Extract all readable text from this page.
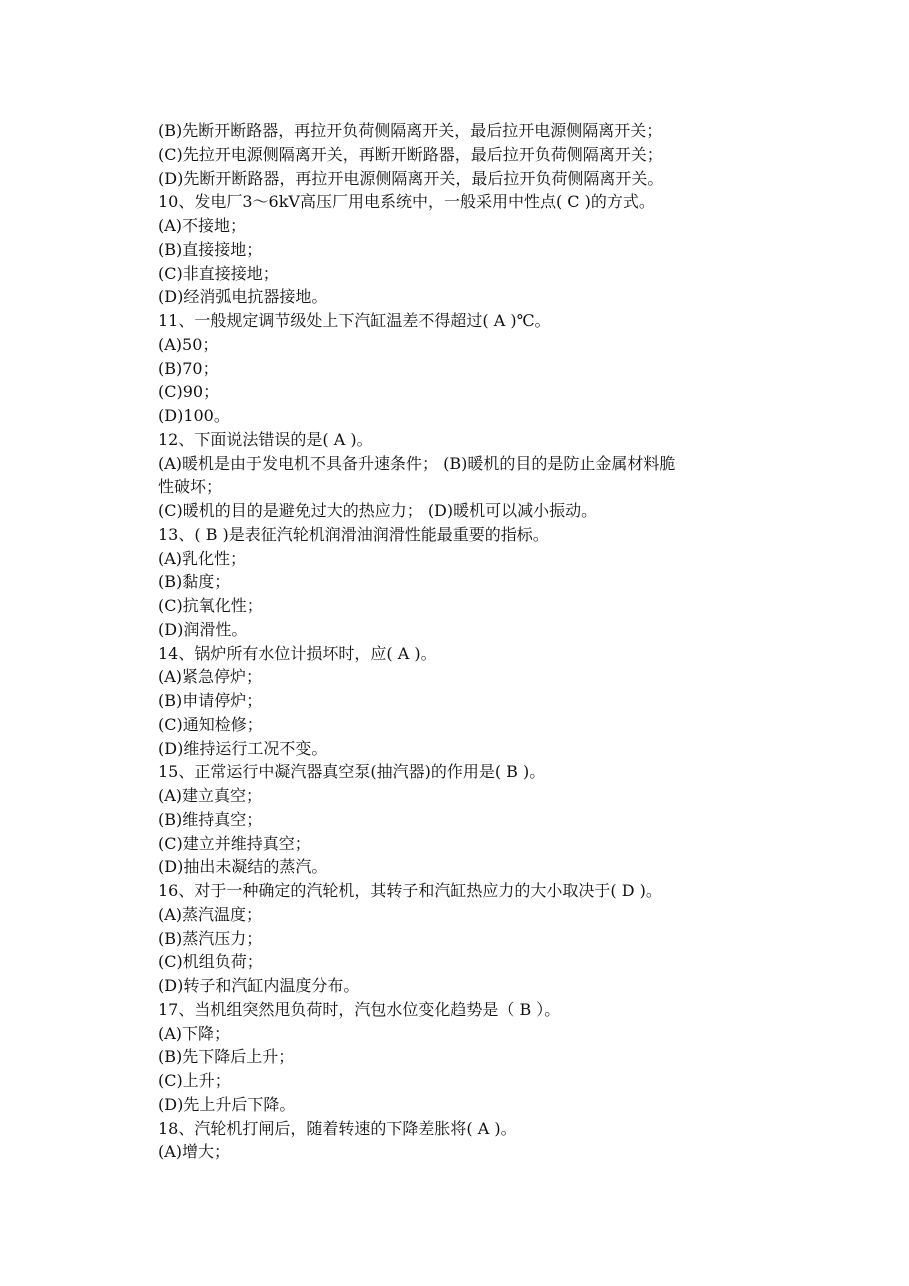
(B)先断开断路器，再拉开负荷侧隔离开关，最后拉开电源侧隔离开关；
(C)先拉开电源侧隔离开关，再断开断路器，最后拉开负荷侧隔离开关；
(D)先断开断路器，再拉开电源侧隔离开关，最后拉开负荷侧隔离开关。
10、发电厂3～6kV高压厂用电系统中，一般采用中性点( C )的方式。
(A)不接地；
(B)直接接地；
(C)非直接接地；
(D)经消弧电抗器接地。
11、一般规定调节级处上下汽缸温差不得超过( A )℃。
(A)50；
(B)70；
(C)90；
(D)100。
12、下面说法错误的是( A )。
(A)暖机是由于发电机不具备升速条件； (B)暖机的目的是防止金属材料脆
性破坏；
(C)暖机的目的是避免过大的热应力； (D)暖机可以减小振动。
13、( B )是表征汽轮机润滑油润滑性能最重要的指标。
(A)乳化性；
(B)黏度；
(C)抗氧化性；
(D)润滑性。
14、锅炉所有水位计损坏时，应( A )。
(A)紧急停炉；
(B)申请停炉；
(C)通知检修；
(D)维持运行工况不变。
15、正常运行中凝汽器真空泵(抽汽器)的作用是( B )。
(A)建立真空；
(B)维持真空；
(C)建立并维持真空；
(D)抽出未凝结的蒸汽。
16、对于一种确定的汽轮机，其转子和汽缸热应力的大小取决于( D )。
(A)蒸汽温度；
(B)蒸汽压力；
(C)机组负荷；
(D)转子和汽缸内温度分布。
17、当机组突然甩负荷时，汽包水位变化趋势是（ B ）。
(A)下降；
(B)先下降后上升；
(C)上升；
(D)先上升后下降。
18、汽轮机打闸后，随着转速的下降差胀将( A )。
(A)增大；
